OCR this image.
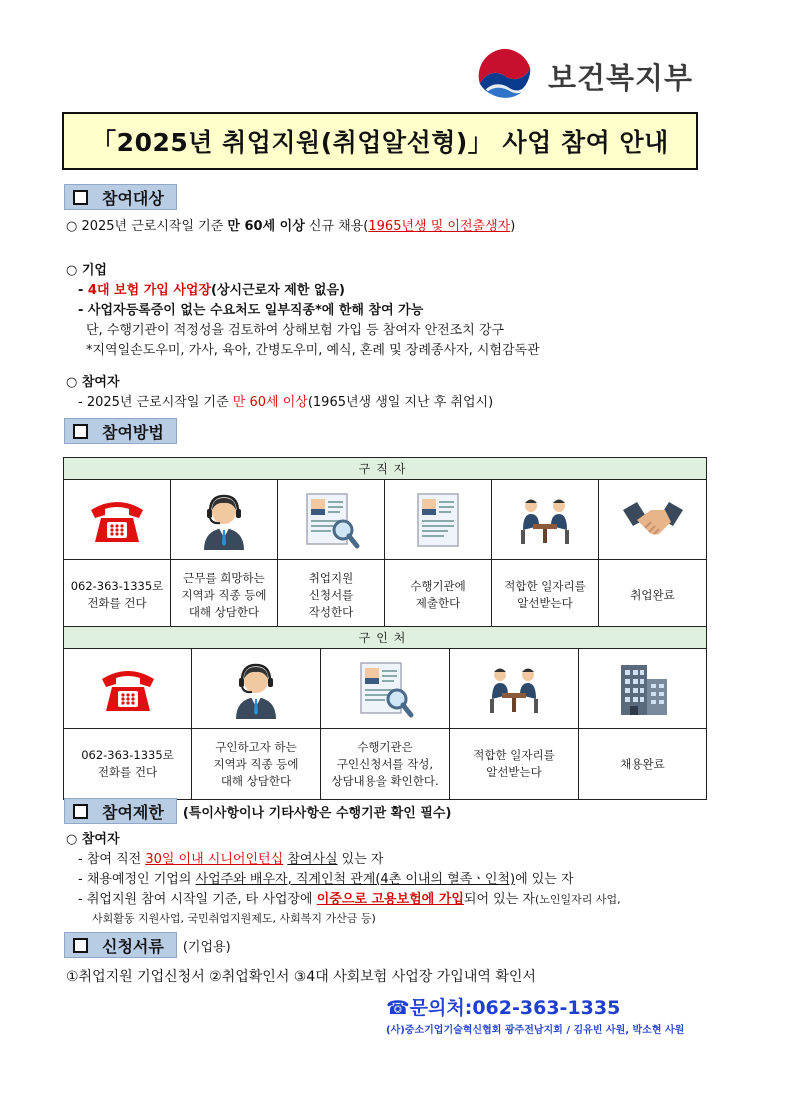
보건복지부
「2025년 취업지원(취업알선형)」 사업 참여 안내
참여대상
○ 2025년 근로시작일 기준 만 60세 이상 신규 채용(1965년생 및 이전출생자)
○ 기업
- 4대 보험 가입 사업장(상시근로자 제한 없음)
- 사업자등록증이 없는 수요처도 일부직종*에 한해 참여 가능
단, 수행기관이 적정성을 검토하여 상해보험 가입 등 참여자 안전조치 강구
*지역일손도우미, 가사, 육아, 간병도우미, 예식, 혼례 및 장례종사자, 시험감독관
○ 참여자
- 2025년 근로시작일 기준 만 60세 이상(1965년생 생일 지난 후 취업시)
참여방법
구직자
062-363-1335로
전화를 건다
근무를 희망하는
지역과 직종 등에
대해 상담한다
취업지원
신청서를
작성한다
수행기관에
제출한다
적합한 일자리를
알선받는다
취업완료
구인처
062-363-1335로
전화를 건다
구인하고자 하는
지역과 직종 등에
대해 상담한다
수행기관은
구인신청서를 작성,
상담내용을 확인한다.
적합한 일자리를
알선받는다
채용완료
참여제한 (특이사항이나 기타사항은 수행기관 확인 필수)
○ 참여자
- 참여 직전 30일 이내 시니어인턴십 참여사실 있는 자
- 채용예정인 기업의 사업주와 배우자, 직계인척 관계(4촌 이내의 혈족ㆍ인척)에 있는 자
- 취업지원 참여 시작일 기준, 타 사업장에 이중으로 고용보험에 가입되어 있는 자(노인일자리 사업,
사회활동 지원사업, 국민취업지원제도, 사회복지 가산금 등)
신청서류 (기업용)
①취업지원 기업신청서 ②취업확인서 ③4대 사회보험 사업장 가입내역 확인서
☎문의처:062-363-1335
(사)중소기업기술혁신협회 광주전남지회 / 김유빈 사원, 박소현 사원
